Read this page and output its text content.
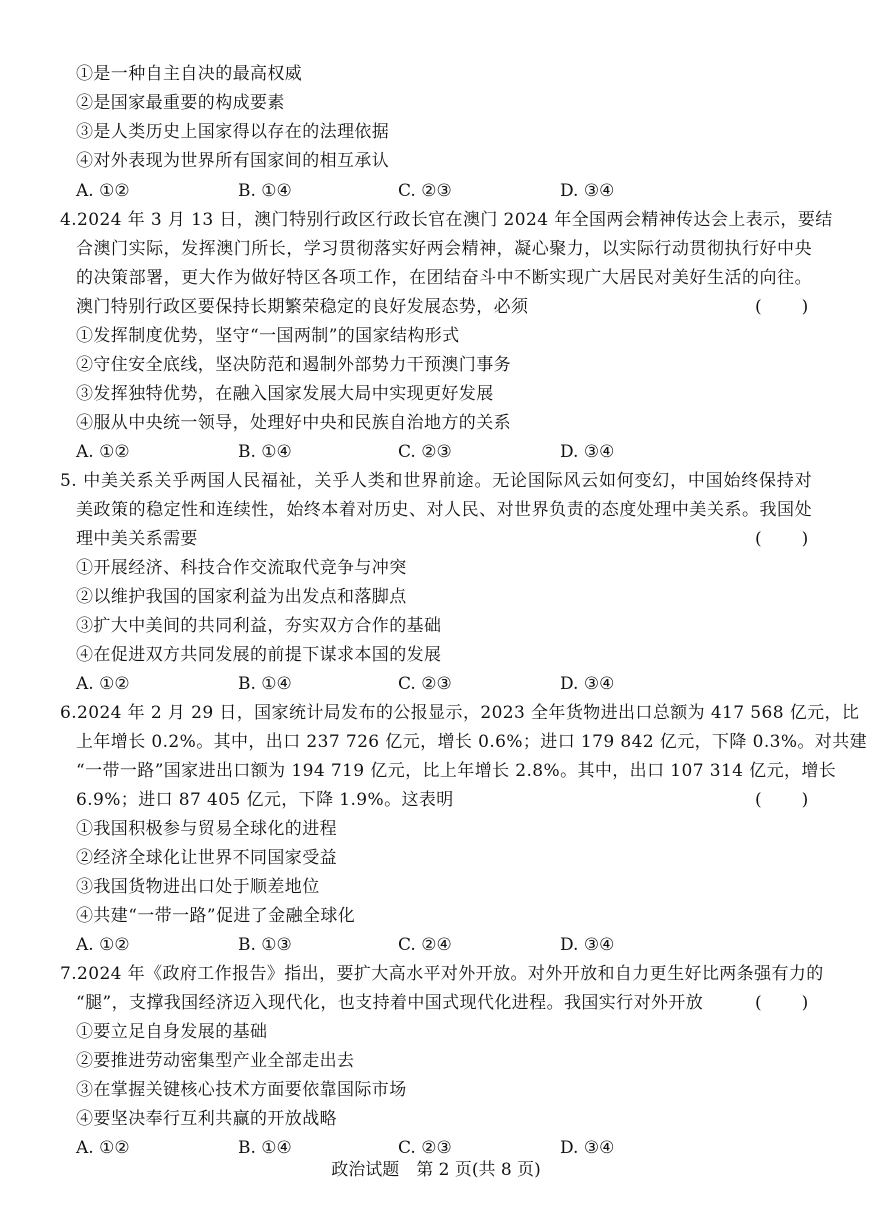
①是一种自主自决的最高权威
②是国家最重要的构成要素
③是人类历史上国家得以存在的法理依据
④对外表现为世界所有国家间的相互承认
A. ①②	B. ①④	C. ②③	D. ③④
4.2024 年 3 月 13 日，澳门特别行政区行政长官在澳门 2024 年全国两会精神传达会上表示，要结
合澳门实际，发挥澳门所长，学习贯彻落实好两会精神，凝心聚力，以实际行动贯彻执行好中央
的决策部署，更大作为做好特区各项工作，在团结奋斗中不断实现广大居民对美好生活的向往。
澳门特别行政区要保持长期繁荣稳定的良好发展态势，必须	(　　)
①发挥制度优势，坚守“一国两制”的国家结构形式
②守住安全底线，坚决防范和遏制外部势力干预澳门事务
③发挥独特优势，在融入国家发展大局中实现更好发展
④服从中央统一领导，处理好中央和民族自治地方的关系
A. ①②	B. ①④	C. ②③	D. ③④
5. 中美关系关乎两国人民福祉，关乎人类和世界前途。无论国际风云如何变幻，中国始终保持对
美政策的稳定性和连续性，始终本着对历史、对人民、对世界负责的态度处理中美关系。我国处
理中美关系需要	(　　)
①开展经济、科技合作交流取代竞争与冲突
②以维护我国的国家利益为出发点和落脚点
③扩大中美间的共同利益，夯实双方合作的基础
④在促进双方共同发展的前提下谋求本国的发展
A. ①②	B. ①④	C. ②③	D. ③④
6.2024 年 2 月 29 日，国家统计局发布的公报显示，2023 全年货物进出口总额为 417 568 亿元，比
上年增长 0.2%。其中，出口 237 726 亿元，增长 0.6%；进口 179 842 亿元，下降 0.3%。对共建
“一带一路”国家进出口额为 194 719 亿元，比上年增长 2.8%。其中，出口 107 314 亿元，增长
6.9%；进口 87 405 亿元，下降 1.9%。这表明	(　　)
①我国积极参与贸易全球化的进程
②经济全球化让世界不同国家受益
③我国货物进出口处于顺差地位
④共建“一带一路”促进了金融全球化
A. ①②	B. ①③	C. ②④	D. ③④
7.2024 年《政府工作报告》指出，要扩大高水平对外开放。对外开放和自力更生好比两条强有力的
“腿”，支撑我国经济迈入现代化，也支持着中国式现代化进程。我国实行对外开放	(　　)
①要立足自身发展的基础
②要推进劳动密集型产业全部走出去
③在掌握关键核心技术方面要依靠国际市场
④要坚决奉行互利共赢的开放战略
A. ①②	B. ①④	C. ②③	D. ③④
政治试题　第 2 页(共 8 页)
